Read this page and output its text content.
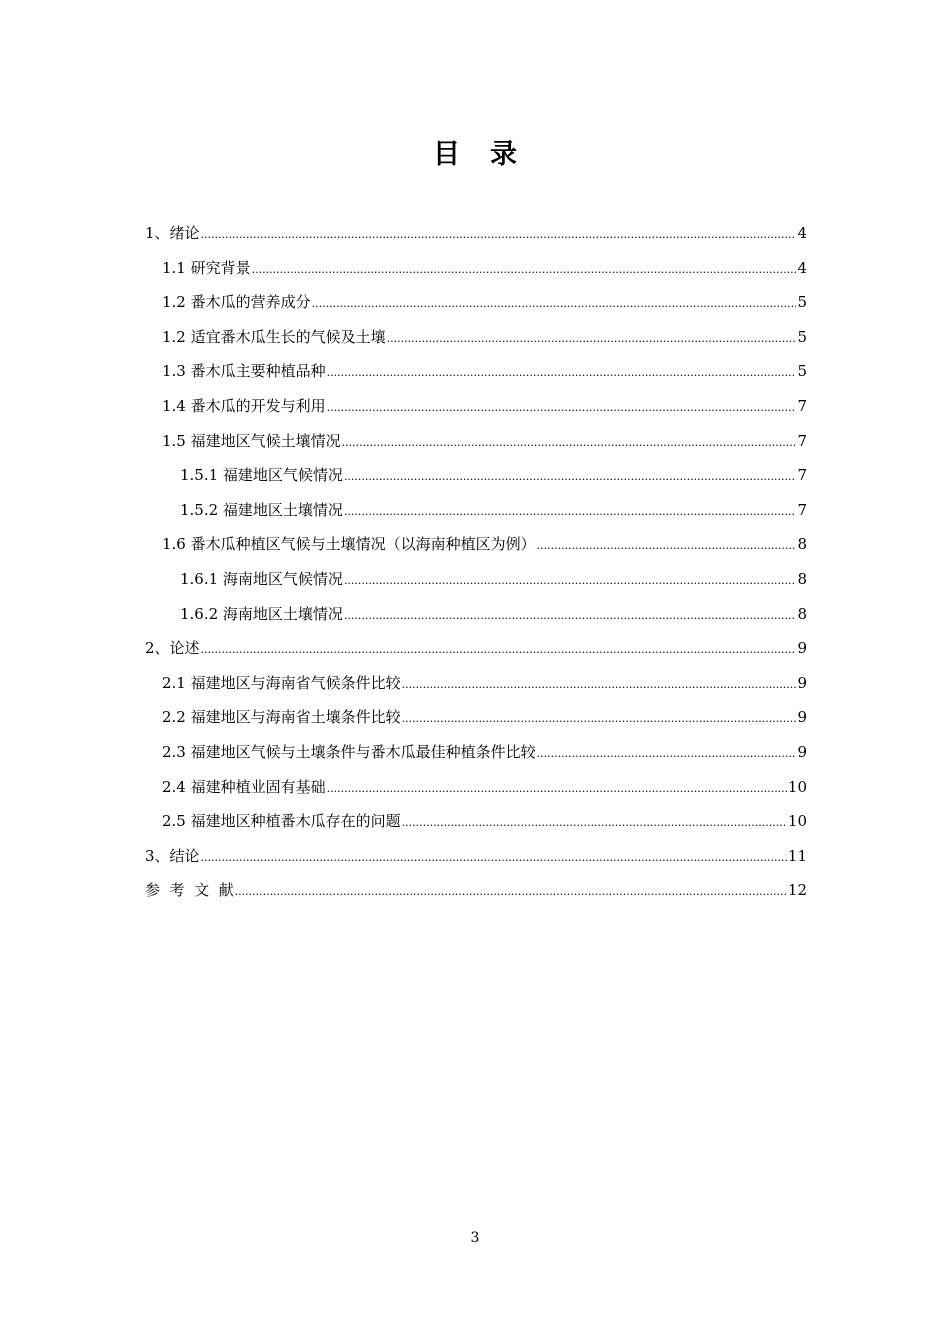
目 录
1、绪论 .....	4
1.1 研究背景 .....	4
1.2 番木瓜的营养成分 .....	5
1.2 适宜番木瓜生长的气候及土壤 .....	5
1.3 番木瓜主要种植品种 .....	5
1.4 番木瓜的开发与利用 .....	7
1.5 福建地区气候土壤情况 .....	7
1.5.1 福建地区气候情况 .....	7
1.5.2 福建地区土壤情况 .....	7
1.6 番木瓜种植区气候与土壤情况（以海南种植区为例） .....	8
1.6.1 海南地区气候情况 .....	8
1.6.2 海南地区土壤情况 .....	8
2、论述 .....	9
2.1 福建地区与海南省气候条件比较 .....	9
2.2 福建地区与海南省土壤条件比较 .....	9
2.3 福建地区气候与土壤条件与番木瓜最佳种植条件比较 .....	9
2.4 福建种植业固有基础 .....	10
2.5 福建地区种植番木瓜存在的问题 .....	10
3、结论 .....	11
参  考  文  献 .....	12
3
